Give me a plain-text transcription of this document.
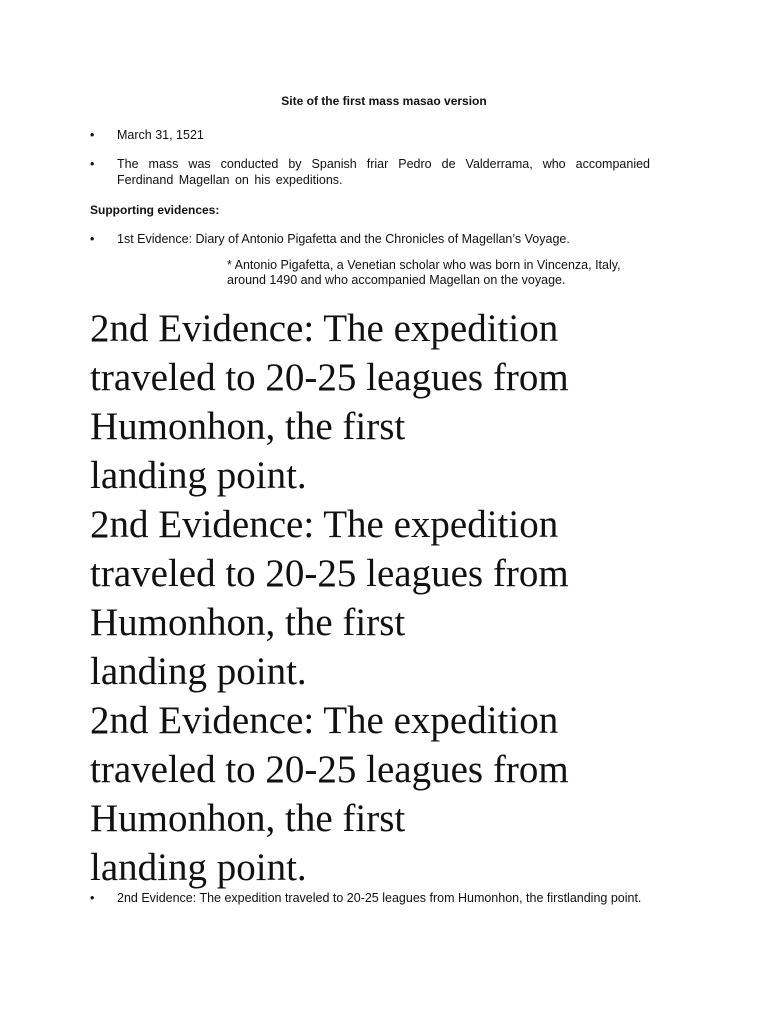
Site of the first mass masao version
•	March 31, 1521
•	The mass was conducted by Spanish friar Pedro de Valderrama, who accompanied Ferdinand Magellan on his expeditions.
Supporting evidences:
•	1st Evidence: Diary of Antonio Pigafetta and the Chronicles of Magellan’s Voyage.
* Antonio Pigafetta, a Venetian scholar who was born in Vincenza, Italy,
around 1490 and who accompanied Magellan on the voyage.
2nd Evidence: The expedition
traveled to 20-25 leagues from
Humonhon, the first
landing point.
2nd Evidence: The expedition
traveled to 20-25 leagues from
Humonhon, the first
landing point.
2nd Evidence: The expedition
traveled to 20-25 leagues from
Humonhon, the first
landing point.
•	2nd Evidence: The expedition traveled to 20-25 leagues from Humonhon, the firstlanding point.
